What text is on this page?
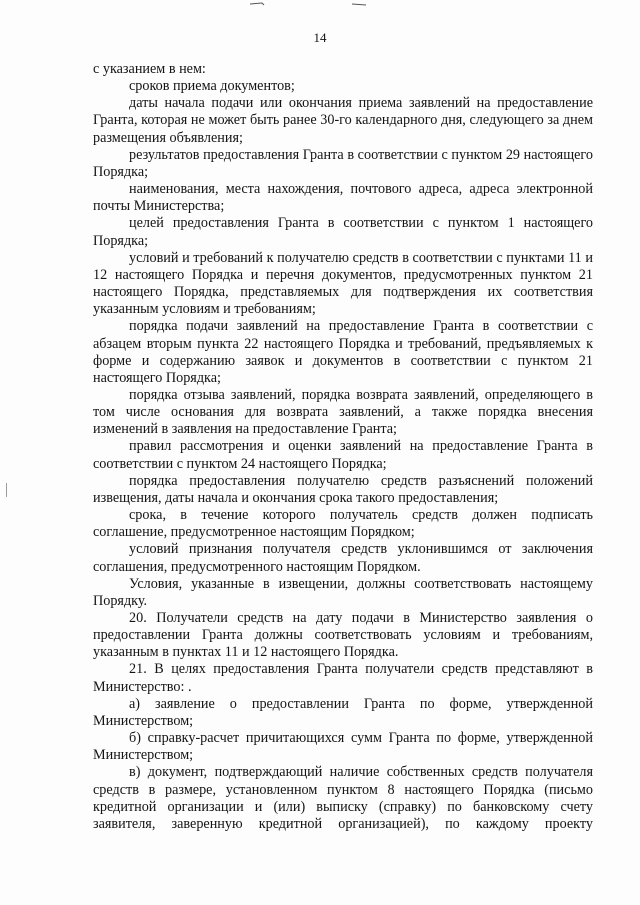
14

с указанием в нем:

сроков приема документов;

даты начала подачи или окончания приема заявлений на предоставление Гранта, которая не может быть ранее 30-го календарного дня, следующего за днем размещения объявления;

результатов предоставления Гранта в соответствии с пунктом 29 настоящего Порядка;

наименования, места нахождения, почтового адреса, адреса электронной почты Министерства;

целей предоставления Гранта в соответствии с пунктом 1 настоящего Порядка;

условий и требований к получателю средств в соответствии с пунктами 11 и 12 настоящего Порядка и перечня документов, предусмотренных пунктом 21 настоящего Порядка, представляемых для подтверждения их соответствия указанным условиям и требованиям;

порядка подачи заявлений на предоставление Гранта в соответствии с абзацем вторым пункта 22 настоящего Порядка и требований, предъявляемых к форме и содержанию заявок и документов в соответствии с пунктом 21 настоящего Порядка;

порядка отзыва заявлений, порядка возврата заявлений, определяющего в том числе основания для возврата заявлений, а также порядка внесения изменений в заявления на предоставление Гранта;

правил рассмотрения и оценки заявлений на предоставление Гранта в соответствии с пунктом 24 настоящего Порядка;

порядка предоставления получателю средств разъяснений положений извещения, даты начала и окончания срока такого предоставления;

срока, в течение которого получатель средств должен подписать соглашение, предусмотренное настоящим Порядком;

условий признания получателя средств уклонившимся от заключения соглашения, предусмотренного настоящим Порядком.

Условия, указанные в извещении, должны соответствовать настоящему Порядку.

20. Получатели средств на дату подачи в Министерство заявления о предоставлении Гранта должны соответствовать условиям и требованиям, указанным в пунктах 11 и 12 настоящего Порядка.

21. В целях предоставления Гранта получатели средств представляют в Министерство: .

а) заявление о предоставлении Гранта по форме, утвержденной Министерством;

б) справку-расчет причитающихся сумм Гранта по форме, утвержденной Министерством;

в) документ, подтверждающий наличие собственных средств получателя средств в размере, установленном пунктом 8 настоящего Порядка (письмо кредитной организации и (или) выписку (справку) по банковскому счету заявителя, заверенную кредитной организацией), по каждому проекту
